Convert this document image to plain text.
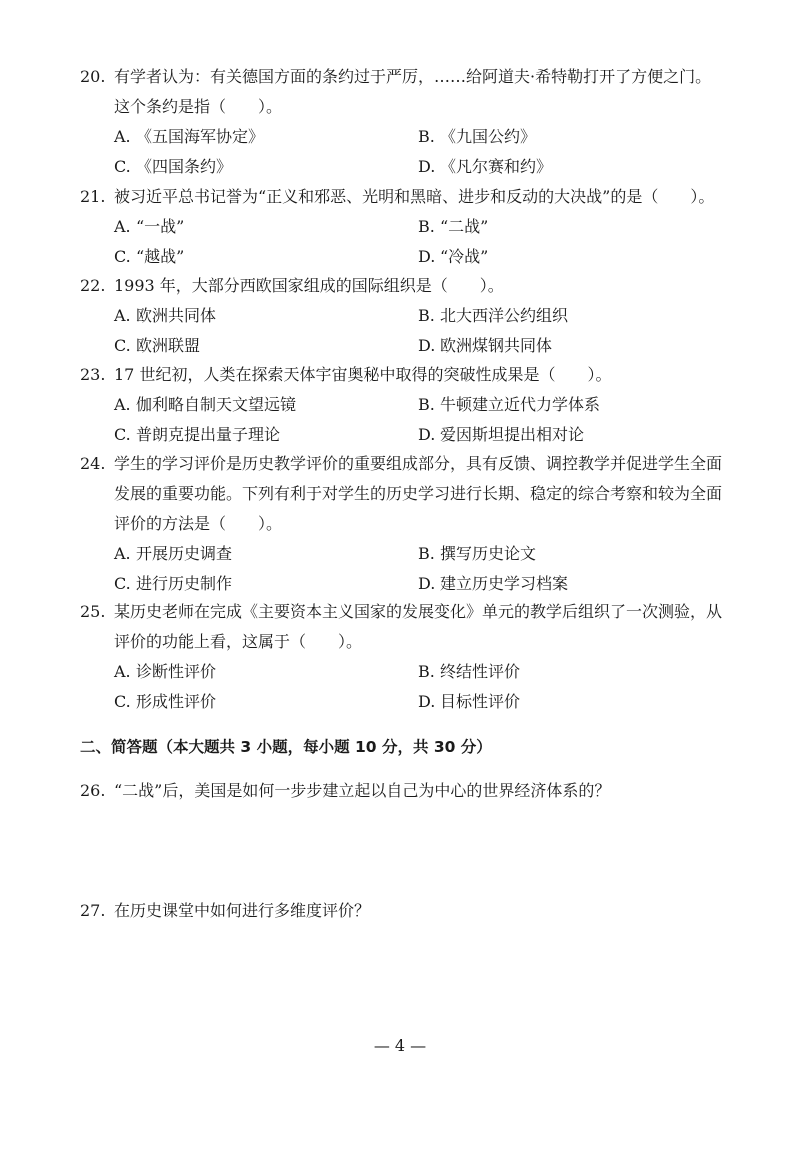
20. 有学者认为：有关德国方面的条约过于严厉，……给阿道夫·希特勒打开了方便之门。
这个条约是指（　　）。
A. 《五国海军协定》	B. 《九国公约》
C. 《四国条约》	D. 《凡尔赛和约》
21. 被习近平总书记誉为“正义和邪恶、光明和黑暗、进步和反动的大决战”的是（　　）。
A. “一战”	B. “二战”
C. “越战”	D. “冷战”
22. 1993 年，大部分西欧国家组成的国际组织是（　　）。
A. 欧洲共同体	B. 北大西洋公约组织
C. 欧洲联盟	D. 欧洲煤钢共同体
23. 17 世纪初，人类在探索天体宇宙奥秘中取得的突破性成果是（　　）。
A. 伽利略自制天文望远镜	B. 牛顿建立近代力学体系
C. 普朗克提出量子理论	D. 爱因斯坦提出相对论
24. 学生的学习评价是历史教学评价的重要组成部分，具有反馈、调控教学并促进学生全面
发展的重要功能。下列有利于对学生的历史学习进行长期、稳定的综合考察和较为全面
评价的方法是（　　）。
A. 开展历史调查	B. 撰写历史论文
C. 进行历史制作	D. 建立历史学习档案
25. 某历史老师在完成《主要资本主义国家的发展变化》单元的教学后组织了一次测验，从
评价的功能上看，这属于（　　）。
A. 诊断性评价	B. 终结性评价
C. 形成性评价	D. 目标性评价
二、简答题（本大题共 3 小题，每小题 10 分，共 30 分）
26. “二战”后，美国是如何一步步建立起以自己为中心的世界经济体系的？
27. 在历史课堂中如何进行多维度评价？
— 4 —
